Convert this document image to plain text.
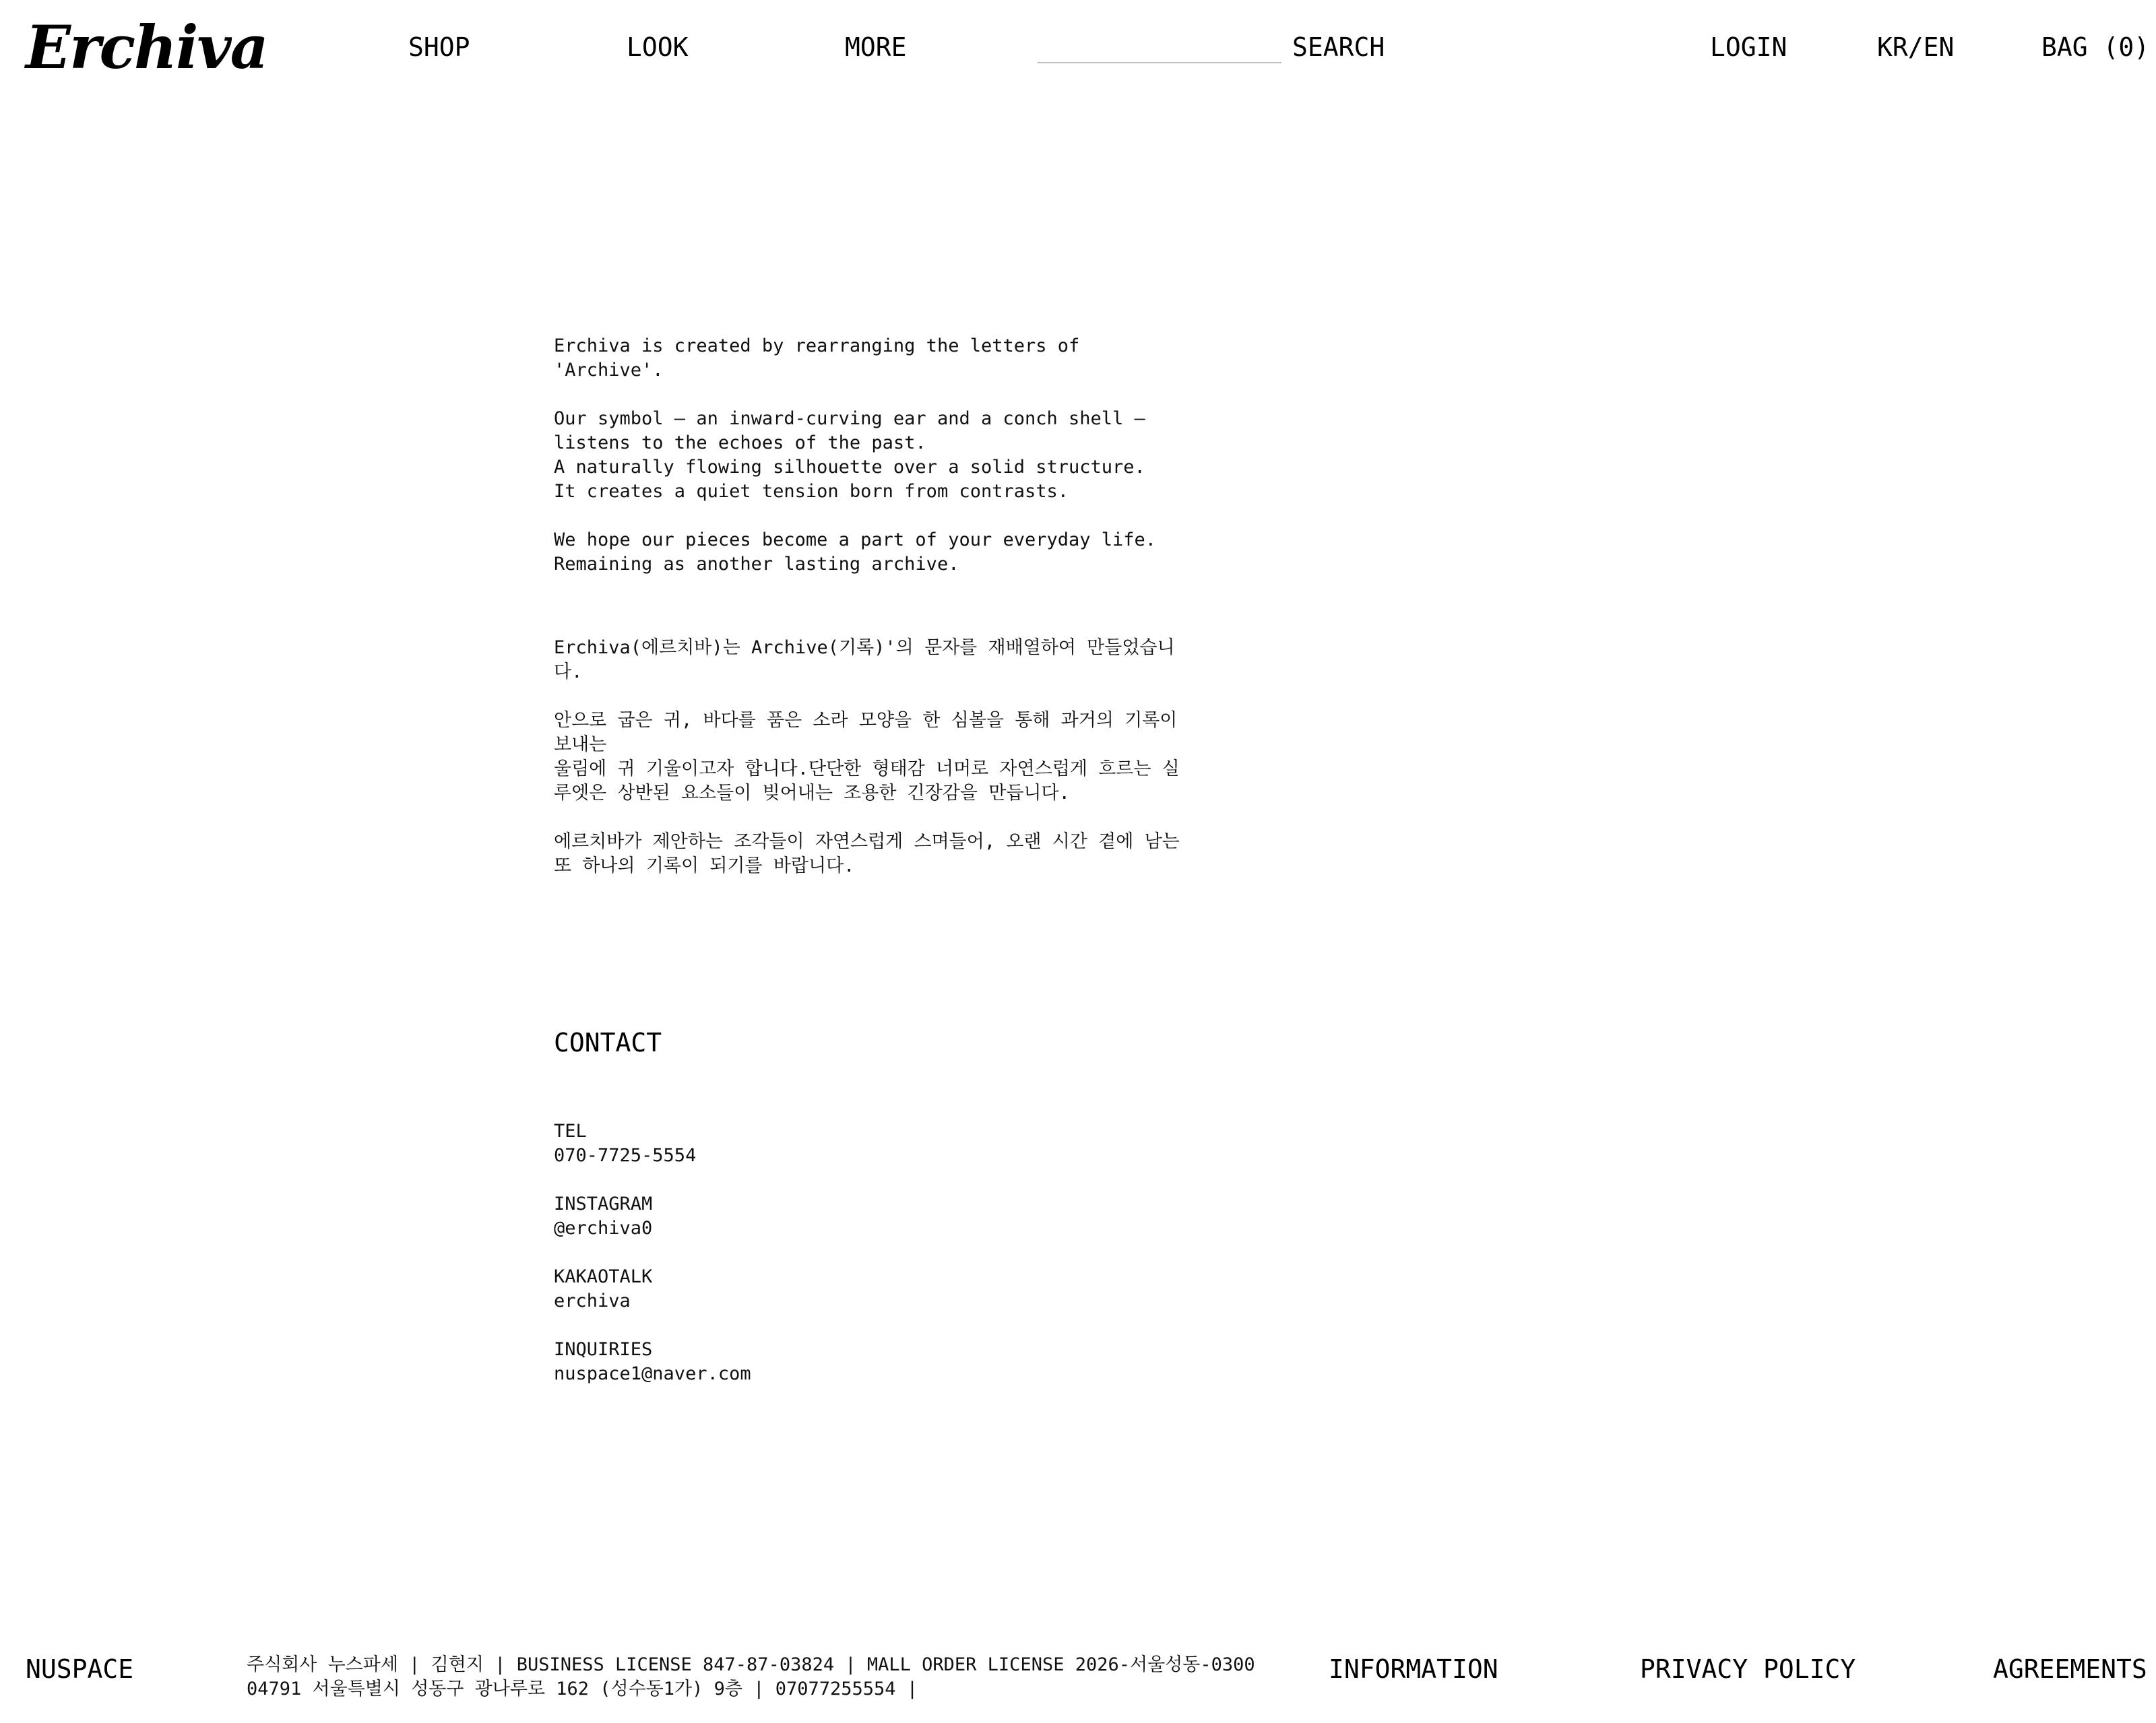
Erchiva	SHOP	LOOK	MORE	SEARCH	LOGIN	KR/EN	BAG (0)

Erchiva is created by rearranging the letters of 'Archive'.

Our symbol — an inward-curving ear and a conch shell —

listens to the echoes of the past.

A naturally flowing silhouette over a solid structure.

It creates a quiet tension born from contrasts.

We hope our pieces become a part of your everyday life.

Remaining as another lasting archive.

Erchiva(에르치바)는 Archive(기록)'의 문자를 재배열하여 만들었습니

다.

안으로 굽은 귀, 바다를 품은 소라 모양을 한 심볼을 통해 과거의 기록이

보내는

울림에 귀 기울이고자 합니다.단단한 형태감 너머로 자연스럽게 흐르는 실

루엣은 상반된 요소들이 빚어내는 조용한 긴장감을 만듭니다.

에르치바가 제안하는 조각들이 자연스럽게 스며들어, 오랜 시간 곁에 남는

또 하나의 기록이 되기를 바랍니다.

CONTACT
TEL
070-7725-5554
INSTAGRAM
@erchiva0
KAKAOTALK
erchiva
INQUIRIES
nuspace1@naver.com
NUSPACE	주식회사 누스파세 | 김현지 | BUSINESS LICENSE 847-87-03824 | MALL ORDER LICENSE 2026-서울성동-0300
04791 서울특별시 성동구 광나루로 162 (성수동1가) 9층 | 07077255554 |
INFORMATION	PRIVACY POLICY	AGREEMENTS
